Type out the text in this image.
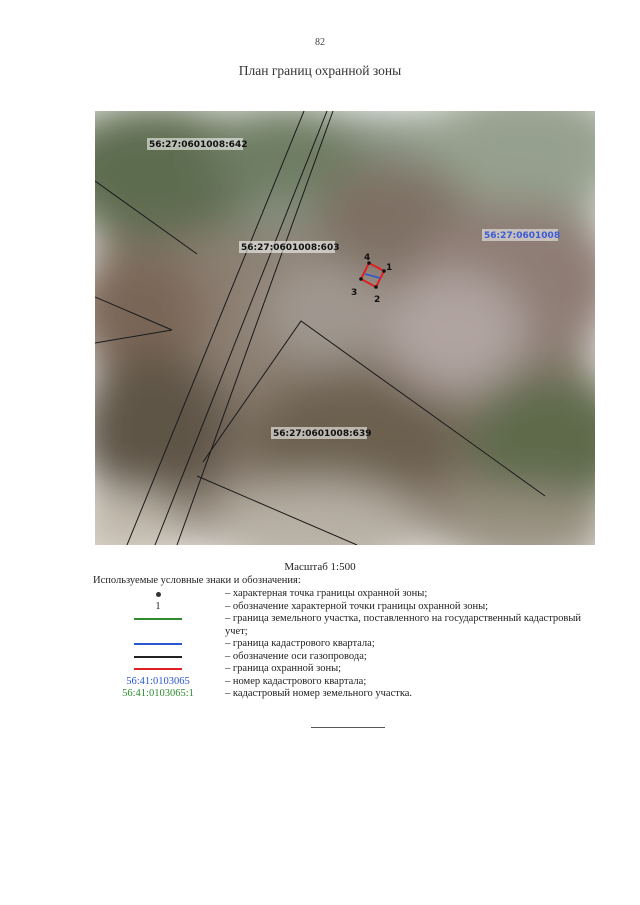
82
План границ охранной зоны
56:27:0601008:642
56:27:0601008:603
56:27:0601008
56:27:0601008:639
1
2
3
4
Масштаб 1:500
Используемые условные знаки и обозначения:
– характерная точка границы охранной зоны;
1	– обозначение характерной точки границы охранной зоны;
– граница земельного участка, поставленного на государственный кадастровый учет;
– граница кадастрового квартала;
– обозначение оси газопровода;
– граница охранной зоны;
56:41:0103065	– номер кадастрового квартала;
56:41:0103065:1	– кадастровый номер земельного участка.
